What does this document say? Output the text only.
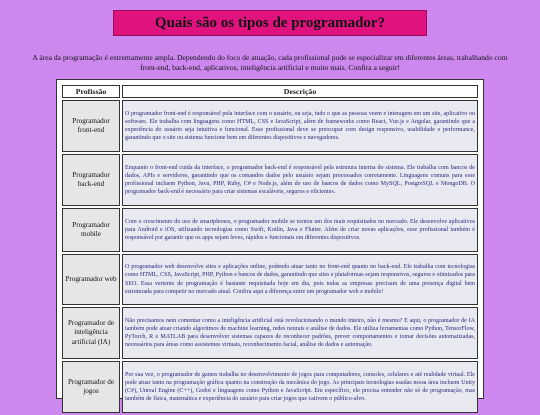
Quais são os tipos de programador?

A área da programação é extremamente ampla. Dependendo do foco de atuação, cada profissional pode se especializar em diferentes áreas, trabalhando com front-end, back-end, aplicativos, inteligência artificial e muito mais. Confira a seguir!

Profissão	Descrição
Programador front-end	O programador front-end é responsável pela interface com o usuário, ou seja, tudo o que as pessoas veem e interagem em um site, aplicativo ou software. Ele trabalha com linguagens como HTML, CSS e JavaScript, além de frameworks como React, Vue.js e Angular, garantindo que a experiência do usuário seja intuitiva e funcional. Esse profissional deve se preocupar com design responsivo, usabilidade e performance, garantindo que o site ou sistema funcione bem em diferentes dispositivos e navegadores.
Programador back-end	Enquanto o front-end cuida da interface, o programador back-end é responsável pela estrutura interna do sistema. Ele trabalha com bancos de dados, APIs e servidores, garantindo que os comandos dados pelo usuário sejam processados corretamente. Linguagens comuns para esse profissional incluem Python, Java, PHP, Ruby, C# e Node.js, além do uso de bancos de dados como MySQL, PostgreSQL e MongoDB. O programador back-end é necessário para criar sistemas escaláveis, seguros e eficientes.
Programador mobile	Com o crescimento do uso de smartphones, o programador mobile se tornou um dos mais requisitados no mercado. Ele desenvolve aplicativos para Android e iOS, utilizando tecnologias como Swift, Kotlin, Java e Flutter. Além de criar novas aplicações, esse profissional também é responsável por garantir que os apps sejam leves, rápidos e funcionais em diferentes dispositivos.
Programador web	O programador web desenvolve sites e aplicações online, podendo atuar tanto no front-end quanto no back-end. Ele trabalha com tecnologias como HTML, CSS, JavaScript, PHP, Python e bancos de dados, garantindo que sites e plataformas sejam responsivos, seguros e otimizados para SEO. Essa vertente de programação é bastante requisitada hoje em dia, pois todas as empresas precisam de uma presença digital bem estruturada para competir no mercado atual. Confira aqui a diferença entre um programador web e mobile!
Programador de inteligência artificial (IA)	Não precisamos nem comentar como a inteligência artificial está revolucionando o mundo inteiro, não é mesmo? E aqui, o programador de IA também pode atuar criando algoritmos de machine learning, redes neurais e análise de dados. Ele utiliza ferramentas como Python, TensorFlow, PyTorch, R e MATLAB para desenvolver sistemas capazes de reconhecer padrões, prever comportamentos e tomar decisões automatizadas, necessários para áreas como assistentes virtuais, reconhecimento facial, análise de dados e automação.
Programador de jogos	Por sua vez, o programador de games trabalha no desenvolvimento de jogos para computadores, consoles, celulares e até realidade virtual. Ele pode atuar tanto na programação gráfica quanto na construção da mecânica do jogo. As principais tecnologias usadas nessa área incluem Unity (C#), Unreal Engine (C++), Godot e linguagens como Python e JavaScript. Em específico, ele precisa entender não só de programação, mas também de física, matemática e experiência do usuário para criar jogos que cativem o público-alvo.
